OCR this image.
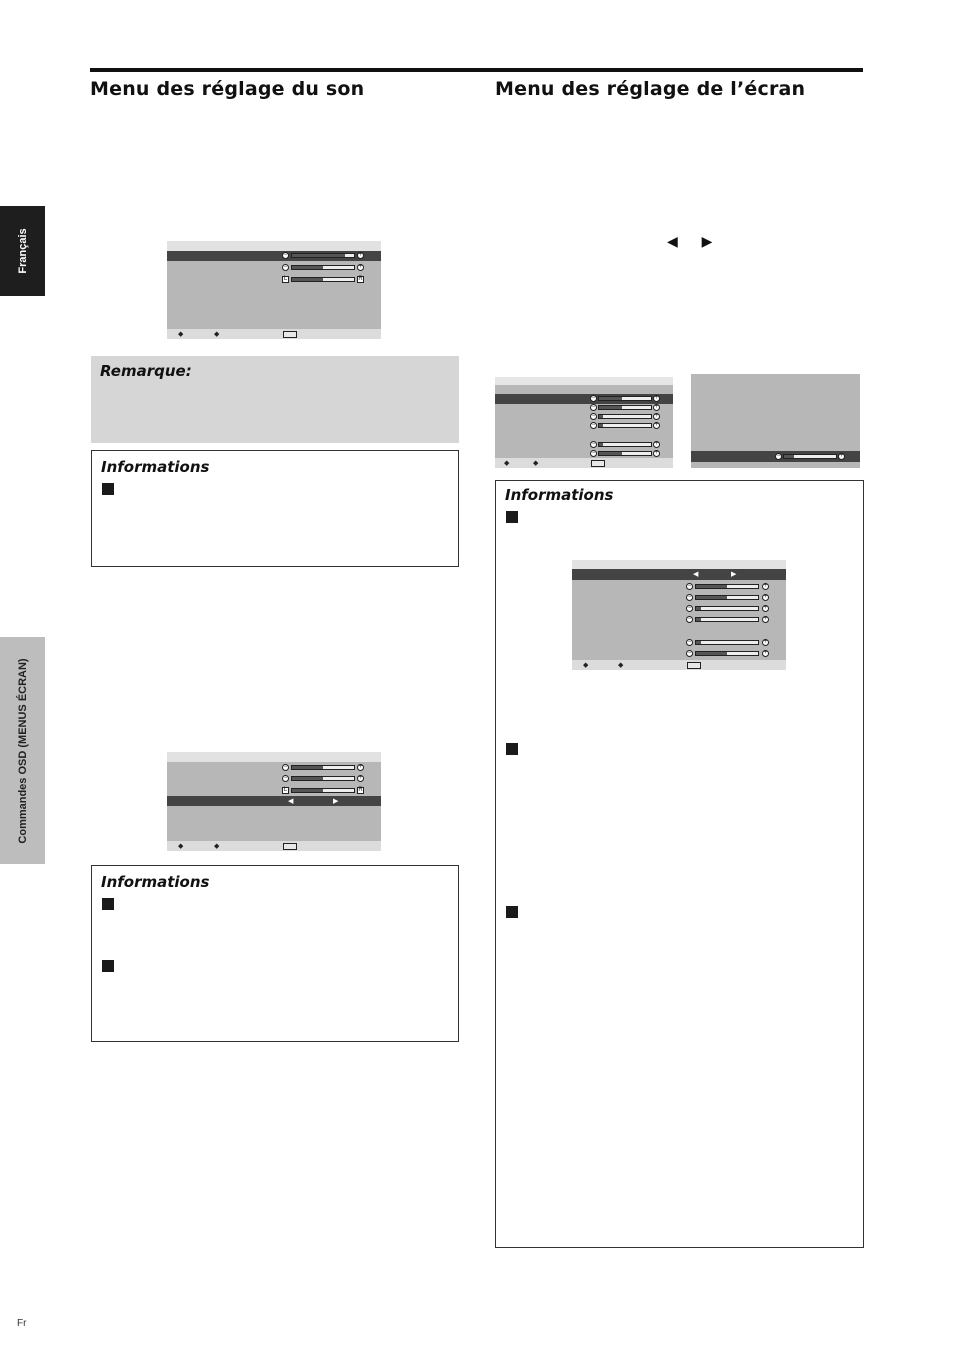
Menu des réglage du son	Menu des réglage de l’écran
Français
Commandes OSD (MENUS ÉCRAN)
◀ ▶
−	+
−	+
L	R
◆	◆
Remarque:
Informations
−	+
−	+
L	R
◀	▶
◆	◆
Informations
−	+
−	+
−	+
−	+
−	+
−	+
◆	◆
−	+
Informations
◀	▶
−	+
−	+
−	+
−	+
−	+
−	+
◆	◆
Fr
